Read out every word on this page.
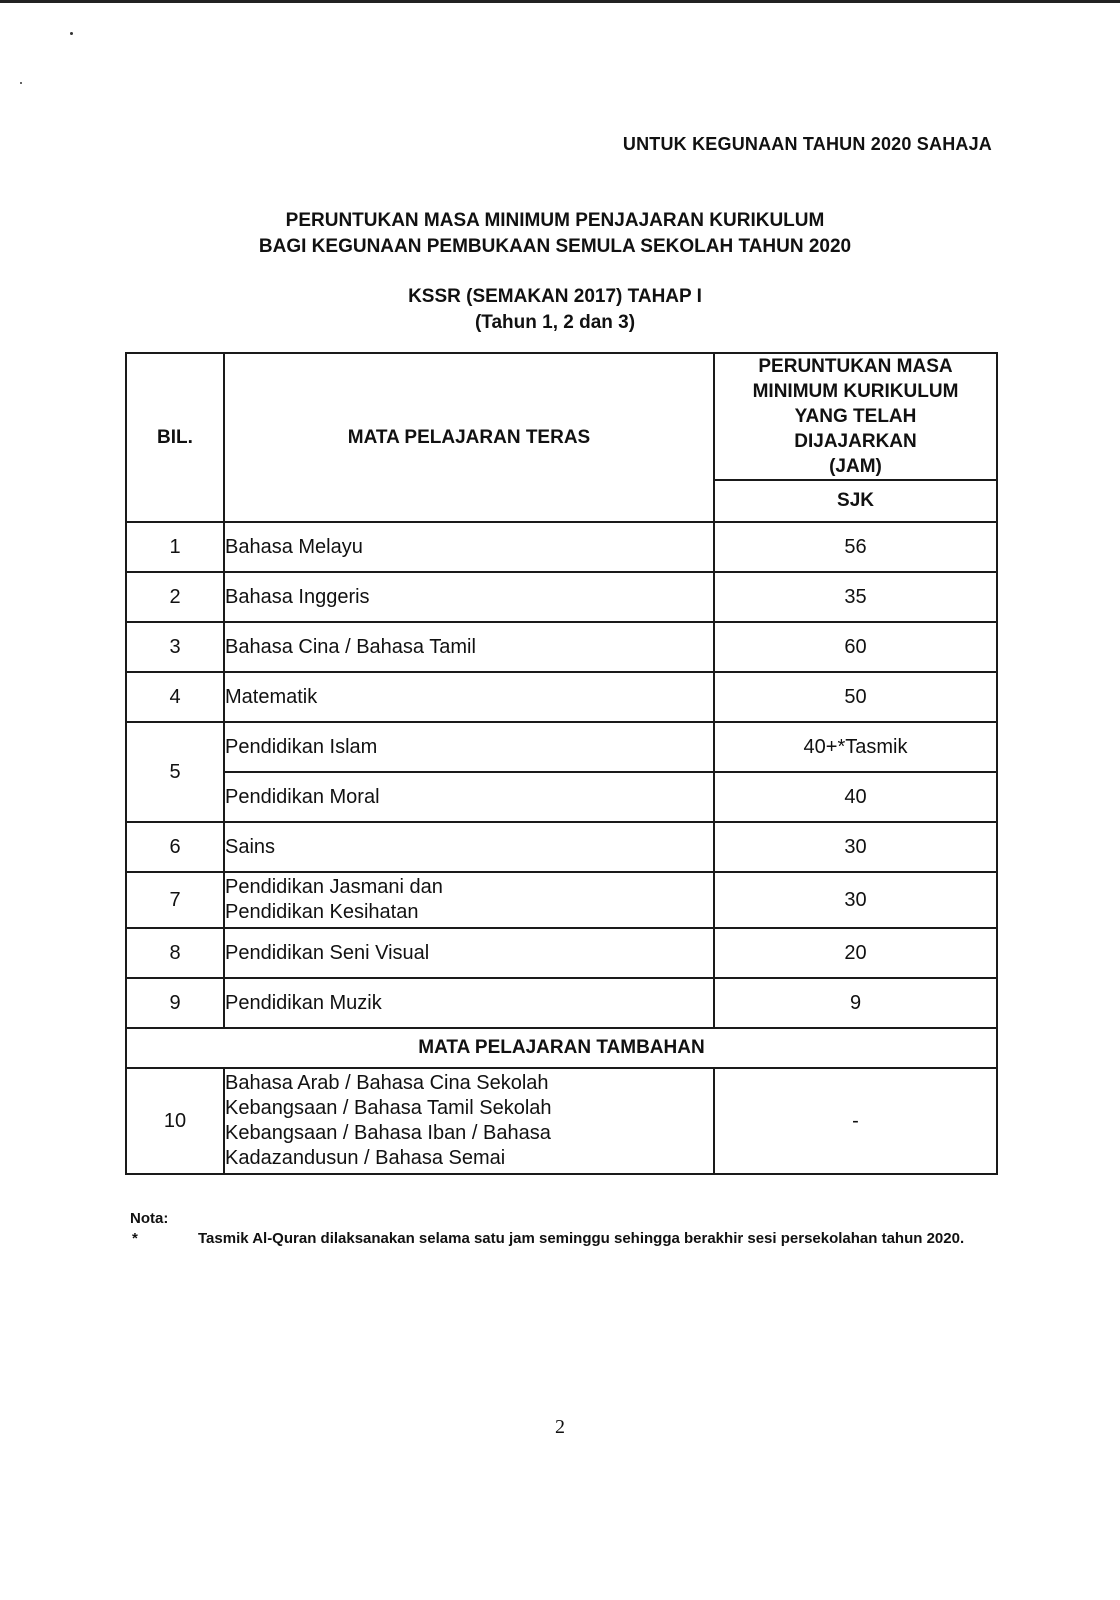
UNTUK KEGUNAAN TAHUN 2020 SAHAJA
PERUNTUKAN MASA MINIMUM PENJAJARAN KURIKULUM
BAGI KEGUNAAN PEMBUKAAN SEMULA SEKOLAH TAHUN 2020
KSSR (SEMAKAN 2017) TAHAP I
(Tahun 1, 2 dan 3)
BIL.	MATA PELAJARAN TERAS	PERUNTUKAN MASA
MINIMUM KURIKULUM
YANG TELAH
DIJAJARKAN
(JAM)

		SJK
1	Bahasa Melayu	56
2	Bahasa Inggeris	35
3	Bahasa Cina / Bahasa Tamil	60
4	Matematik	50
5	Pendidikan Islam	40+*Tasmik
	Pendidikan Moral	40
6	Sains	30
7	Pendidikan Jasmani dan
Pendidikan Kesihatan	30
8	Pendidikan Seni Visual	20
9	Pendidikan Muzik	9
MATA PELAJARAN TAMBAHAN		
10	Bahasa Arab / Bahasa Cina Sekolah
Kebangsaan / Bahasa Tamil Sekolah
Kebangsaan / Bahasa Iban / Bahasa
Kadazandusun / Bahasa Semai	-
Nota:
*	Tasmik Al-Quran dilaksanakan selama satu jam seminggu sehingga berakhir sesi persekolahan tahun 2020.
2
